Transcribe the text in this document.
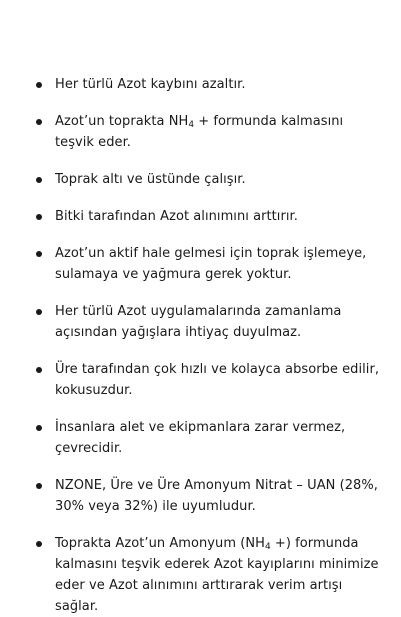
Her türlü Azot kaybını azaltır.
Azot’un toprakta $NH_4$ + formunda kalmasını teşvik eder.
Toprak altı ve üstünde çalışır.
Bitki tarafından Azot alınımını arttırır.
Azot’un aktif hale gelmesi için toprak işlemeye, sulamaya ve yağmura gerek yoktur.
Her türlü Azot uygulamalarında zamanlama açısından yağışlara ihtiyaç duyulmaz.
Üre tarafından çok hızlı ve kolayca absorbe edilir, kokusuzdur.
İnsanlara alet ve ekipmanlara zarar vermez, çevrecidir.
NZONE, Üre ve Üre Amonyum Nitrat – UAN (28%, 30% veya 32%) ile uyumludur.
Toprakta Azot’un Amonyum ($NH_4$ +) formunda kalmasını teşvik ederek Azot kayıplarını minimize eder ve Azot alınımını arttırarak verim artışı sağlar.
